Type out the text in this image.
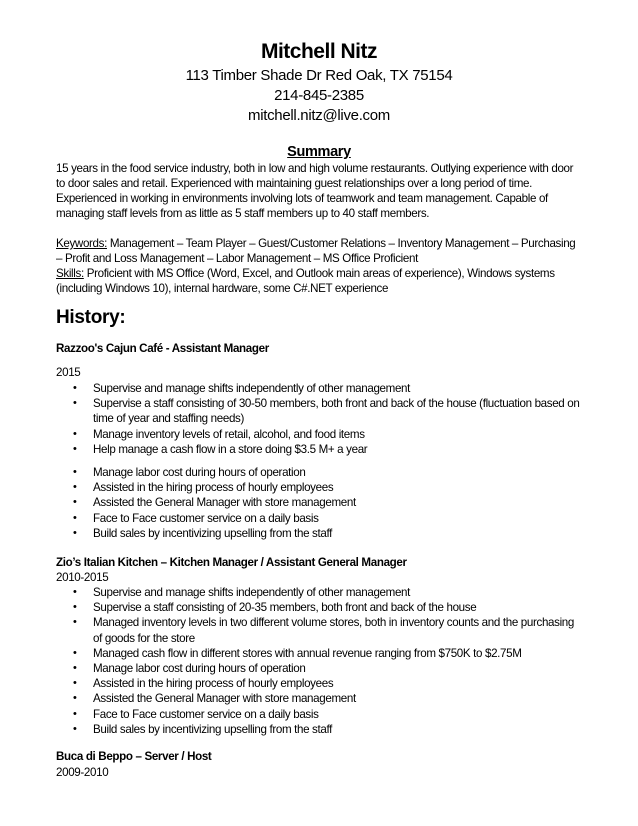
Mitchell Nitz
113 Timber Shade Dr Red Oak, TX 75154
214-845-2385
mitchell.nitz@live.com
Summary
15 years in the food service industry, both in low and high volume restaurants. Outlying experience with door to door sales and retail. Experienced with maintaining guest relationships over a long period of time. Experienced in working in environments involving lots of teamwork and team management. Capable of managing staff levels from as little as 5 staff members up to 40 staff members.
Keywords: Management – Team Player – Guest/Customer Relations – Inventory Management – Purchasing – Profit and Loss Management – Labor Management – MS Office Proficient
Skills: Proficient with MS Office (Word, Excel, and Outlook main areas of experience), Windows systems (including Windows 10), internal hardware, some C#.NET experience
History:
Razzoo's Cajun Café - Assistant Manager
2015
• Supervise and manage shifts independently of other management
• Supervise a staff consisting of 30-50 members, both front and back of the house (fluctuation based on time of year and staffing needs)
• Manage inventory levels of retail, alcohol, and food items
• Help manage a cash flow in a store doing $3.5 M+ a year
• Manage labor cost during hours of operation
• Assisted in the hiring process of hourly employees
• Assisted the General Manager with store management
• Face to Face customer service on a daily basis
• Build sales by incentivizing upselling from the staff
Zio’s Italian Kitchen – Kitchen Manager / Assistant General Manager
2010-2015
• Supervise and manage shifts independently of other management
• Supervise a staff consisting of 20-35 members, both front and back of the house
• Managed inventory levels in two different volume stores, both in inventory counts and the purchasing of goods for the store
• Managed cash flow in different stores with annual revenue ranging from $750K to $2.75M
• Manage labor cost during hours of operation
• Assisted in the hiring process of hourly employees
• Assisted the General Manager with store management
• Face to Face customer service on a daily basis
• Build sales by incentivizing upselling from the staff
Buca di Beppo – Server / Host
2009-2010
